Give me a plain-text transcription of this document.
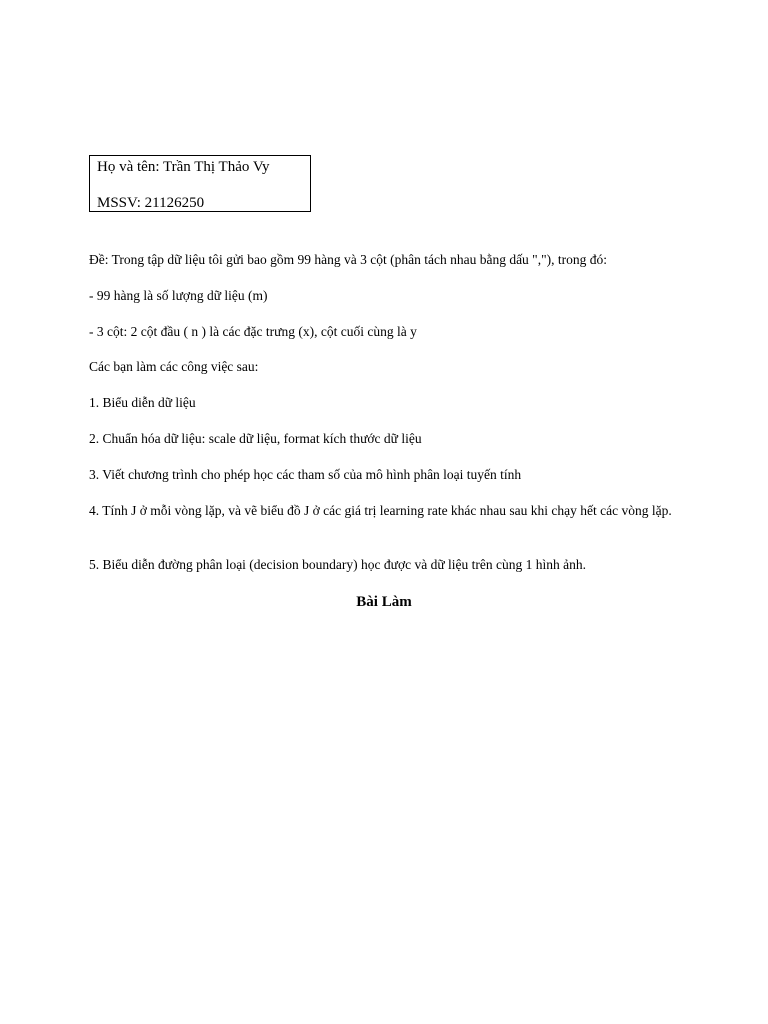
Họ và tên: Trần Thị Thảo Vy
MSSV: 21126250
Đề: Trong tập dữ liệu tôi gửi bao gồm 99 hàng và 3 cột (phân tách nhau bằng dấu ","), trong đó:
- 99 hàng là số lượng dữ liệu (m)
- 3 cột: 2 cột đầu ( n ) là các đặc trưng (x), cột cuối cùng là y
Các bạn làm các công việc sau:
1. Biểu diễn dữ liệu
2. Chuẩn hóa dữ liệu: scale dữ liệu, format kích thước dữ liệu
3. Viết chương trình cho phép học các tham số của mô hình phân loại tuyến tính
4. Tính J ở mỗi vòng lặp, và vẽ biểu đồ J ở các giá trị learning rate khác nhau sau khi chạy hết các vòng lặp.
5. Biểu diễn đường phân loại (decision boundary) học được và dữ liệu trên cùng 1 hình ảnh.
Bài Làm
